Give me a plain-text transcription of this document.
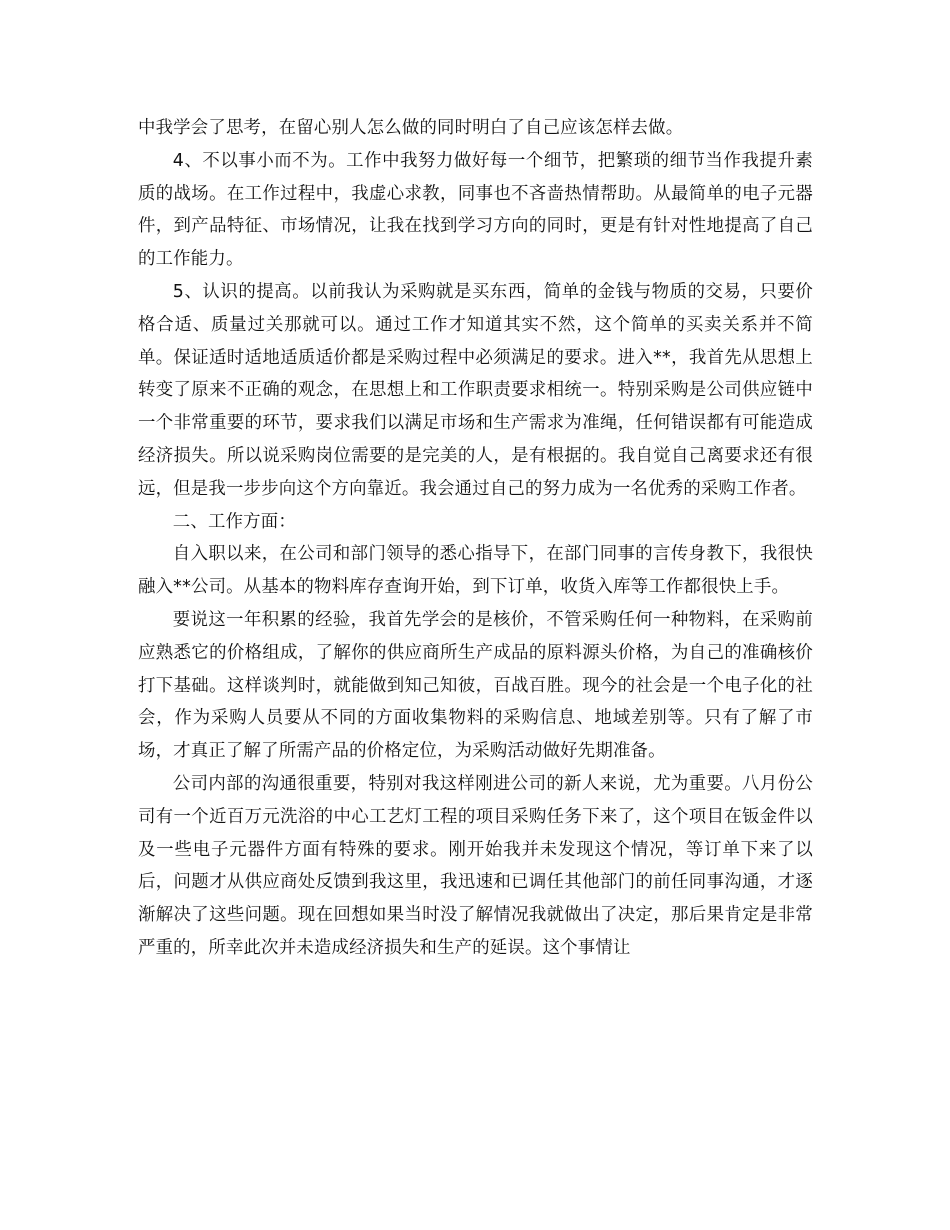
中我学会了思考，在留心别人怎么做的同时明白了自己应该怎样去做。

4、不以事小而不为。工作中我努力做好每一个细节，把繁琐的细节当作我提升素质的战场。在工作过程中，我虚心求教，同事也不吝啬热情帮助。从最简单的电子元器件，到产品特征、市场情况，让我在找到学习方向的同时，更是有针对性地提高了自己的工作能力。

5、认识的提高。以前我认为采购就是买东西，简单的金钱与物质的交易，只要价格合适、质量过关那就可以。通过工作才知道其实不然，这个简单的买卖关系并不简单。保证适时适地适质适价都是采购过程中必须满足的要求。进入**，我首先从思想上转变了原来不正确的观念，在思想上和工作职责要求相统一。特别采购是公司供应链中一个非常重要的环节，要求我们以满足市场和生产需求为准绳，任何错误都有可能造成经济损失。所以说采购岗位需要的是完美的人，是有根据的。我自觉自己离要求还有很远，但是我一步步向这个方向靠近。我会通过自己的努力成为一名优秀的采购工作者。

二、工作方面：

自入职以来，在公司和部门领导的悉心指导下，在部门同事的言传身教下，我很快融入**公司。从基本的物料库存查询开始，到下订单，收货入库等工作都很快上手。

要说这一年积累的经验，我首先学会的是核价，不管采购任何一种物料，在采购前应熟悉它的价格组成，了解你的供应商所生产成品的原料源头价格，为自己的准确核价打下基础。这样谈判时，就能做到知己知彼，百战百胜。现今的社会是一个电子化的社会，作为采购人员要从不同的方面收集物料的采购信息、地域差别等。只有了解了市场，才真正了解了所需产品的价格定位，为采购活动做好先期准备。

公司内部的沟通很重要，特别对我这样刚进公司的新人来说，尤为重要。八月份公司有一个近百万元洗浴的中心工艺灯工程的项目采购任务下来了，这个项目在钣金件以及一些电子元器件方面有特殊的要求。刚开始我并未发现这个情况，等订单下来了以后，问题才从供应商处反馈到我这里，我迅速和已调任其他部门的前任同事沟通，才逐渐解决了这些问题。现在回想如果当时没了解情况我就做出了决定，那后果肯定是非常严重的，所幸此次并未造成经济损失和生产的延误。这个事情让
